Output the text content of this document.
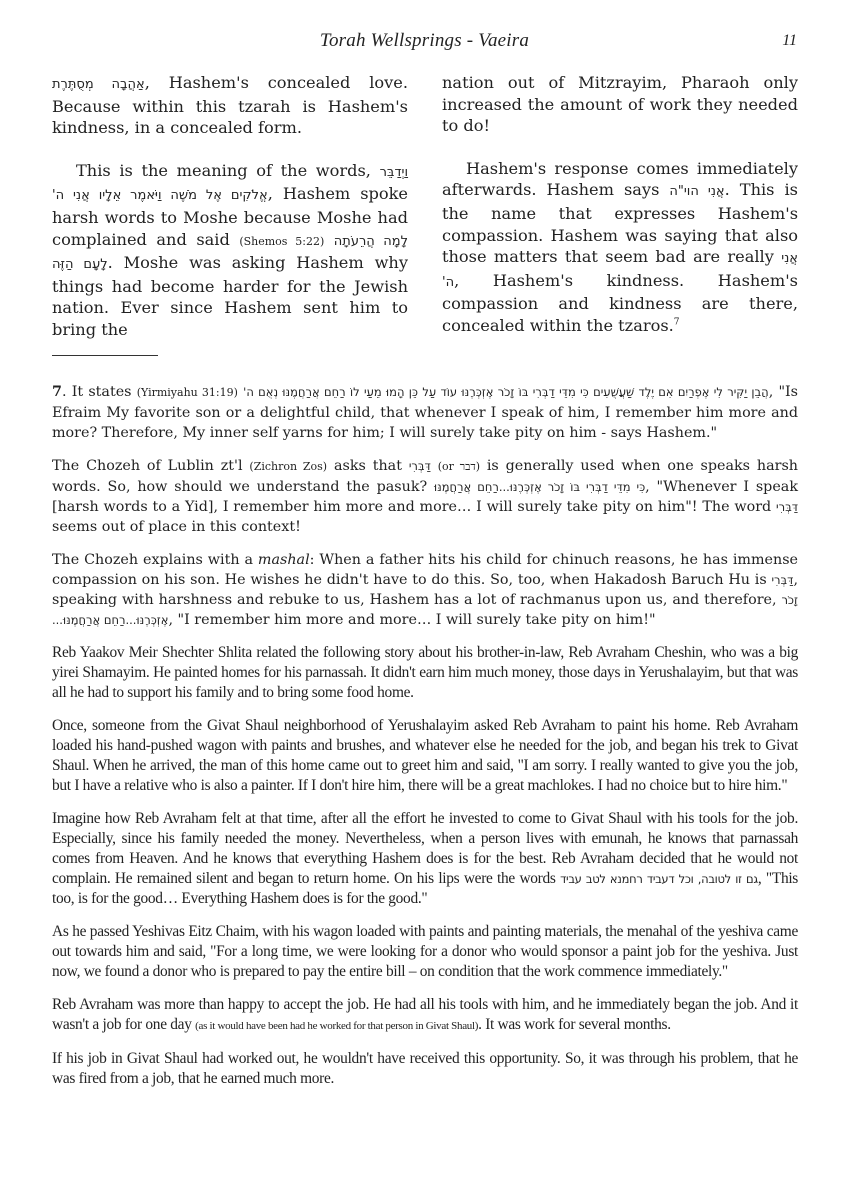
Torah Wellsprings - Vaeira	11

אַהֲבָה מְסֻתֶּרֶת, Hashem's concealed love. Because within this tzarah is Hashem's kindness, in a concealed form.

This is the meaning of the words, וַיְדַבֵּר אֱלֹקִים אֶל מֹשֶׁה וַיֹּאמֶר אֵלָיו אֲנִי ה', Hashem spoke harsh words to Moshe because Moshe had complained and said (Shemos 5:22) לָמָה הֲרֵעֹתָה לָעָם הַזֶּה. Moshe was asking Hashem why things had become harder for the Jewish nation. Ever since Hashem sent him to bring the

nation out of Mitzrayim, Pharaoh only increased the amount of work they needed to do!

Hashem's response comes immediately afterwards. Hashem says אֲנִי הוי"ה. This is the name that expresses Hashem's compassion. Hashem was saying that also those matters that seem bad are really אֲנִי ה', Hashem's kindness. Hashem's compassion and kindness are there, concealed within the tzaros.$^7$

7. It states (Yirmiyahu 31:19) הֲבֵן יַקִּיר לִי אֶפְרַיִם אִם יֶלֶד שַׁעֲשֻׁעִים כִּי מִדֵּי דַבְּרִי בּוֹ זָכֹר אֶזְכְּרֶנּוּ עוֹד עַל כֵּן הָמוּ מֵעַי לוֹ רַחֵם אֲרַחֲמֶנּוּ נְאֻם ה', "Is Efraim My favorite son or a delightful child, that whenever I speak of him, I remember him more and more? Therefore, My inner self yarns for him; I will surely take pity on him - says Hashem."

The Chozeh of Lublin zt'l (Zichron Zos) asks that דַּבְּרִי (or דבר) is generally used when one speaks harsh words. So, how should we understand the pasuk? כִּי מִדֵּי דַבְּרִי בּוֹ זָכֹר אֶזְכְּרֶנּוּ...רַחֵם אֲרַחֲמֶנּוּ, "Whenever I speak [harsh words to a Yid], I remember him more and more… I will surely take pity on him"! The word דַּבְּרִי seems out of place in this context!

The Chozeh explains with a mashal: When a father hits his child for chinuch reasons, he has immense compassion on his son. He wishes he didn't have to do this. So, too, when Hakadosh Baruch Hu is דַּבְּרִי, speaking with harshness and rebuke to us, Hashem has a lot of rachmanus upon us, and therefore, זָכֹר אֶזְכְּרֶנּוּ...רַחֵם אֲרַחֲמֶנּוּ..., "I remember him more and more… I will surely take pity on him!"

Reb Yaakov Meir Shechter Shlita related the following story about his brother-in-law, Reb Avraham Cheshin, who was a big yirei Shamayim. He painted homes for his parnassah. It didn't earn him much money, those days in Yerushalayim, but that was all he had to support his family and to bring some food home.

Once, someone from the Givat Shaul neighborhood of Yerushalayim asked Reb Avraham to paint his home. Reb Avraham loaded his hand-pushed wagon with paints and brushes, and whatever else he needed for the job, and began his trek to Givat Shaul. When he arrived, the man of this home came out to greet him and said, "I am sorry. I really wanted to give you the job, but I have a relative who is also a painter. If I don't hire him, there will be a great machlokes. I had no choice but to hire him."

Imagine how Reb Avraham felt at that time, after all the effort he invested to come to Givat Shaul with his tools for the job. Especially, since his family needed the money. Nevertheless, when a person lives with emunah, he knows that parnassah comes from Heaven. And he knows that everything Hashem does is for the best. Reb Avraham decided that he would not complain. He remained silent and began to return home. On his lips were the words גם זו לטובה, וכל דעביד רחמנא לטב עביד, "This too, is for the good… Everything Hashem does is for the good."

As he passed Yeshivas Eitz Chaim, with his wagon loaded with paints and painting materials, the menahal of the yeshiva came out towards him and said, "For a long time, we were looking for a donor who would sponsor a paint job for the yeshiva. Just now, we found a donor who is prepared to pay the entire bill – on condition that the work commence immediately."

Reb Avraham was more than happy to accept the job. He had all his tools with him, and he immediately began the job. And it wasn't a job for one day (as it would have been had he worked for that person in Givat Shaul). It was work for several months.

If his job in Givat Shaul had worked out, he wouldn't have received this opportunity. So, it was through his problem, that he was fired from a job, that he earned much more.
